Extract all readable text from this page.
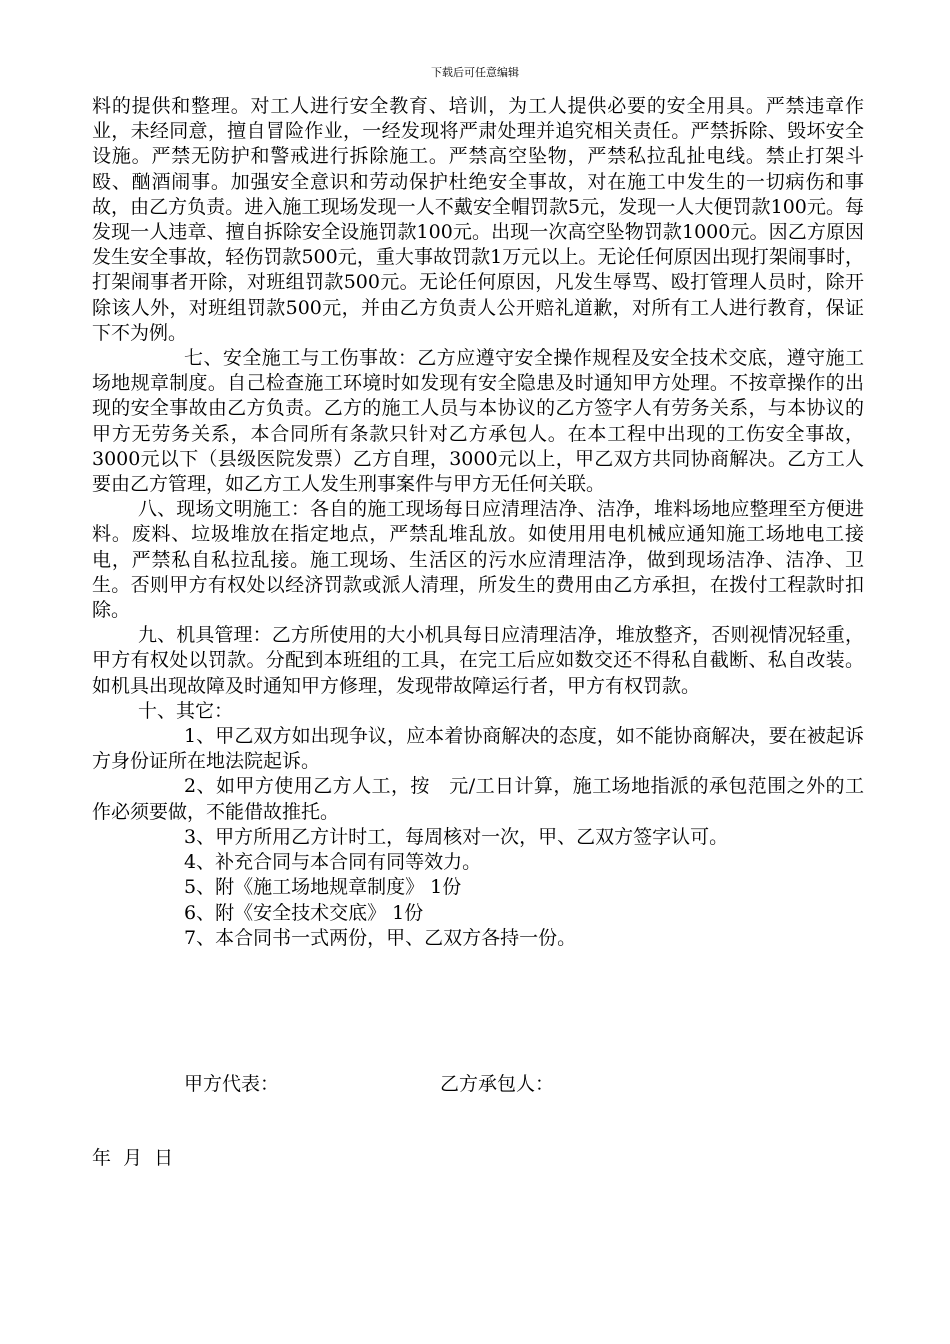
下载后可任意编辑

料的提供和整理。对工人进行安全教育、培训，为工人提供必要的安全用具。严禁违章作业，未经同意，擅自冒险作业，一经发现将严肃处理并追究相关责任。严禁拆除、毁坏安全设施。严禁无防护和警戒进行拆除施工。严禁高空坠物，严禁私拉乱扯电线。禁止打架斗殴、酗酒闹事。加强安全意识和劳动保护杜绝安全事故，对在施工中发生的一切病伤和事故，由乙方负责。进入施工现场发现一人不戴安全帽罚款5元，发现一人大便罚款100元。每发现一人违章、擅自拆除安全设施罚款100元。出现一次高空坠物罚款1000元。因乙方原因发生安全事故，轻伤罚款500元，重大事故罚款1万元以上。无论任何原因出现打架闹事时，打架闹事者开除，对班组罚款500元。无论任何原因，凡发生辱骂、殴打管理人员时，除开除该人外，对班组罚款500元，并由乙方负责人公开赔礼道歉，对所有工人进行教育，保证下不为例。

七、安全施工与工伤事故：乙方应遵守安全操作规程及安全技术交底，遵守施工场地规章制度。自己检查施工环境时如发现有安全隐患及时通知甲方处理。不按章操作的出现的安全事故由乙方负责。乙方的施工人员与本协议的乙方签字人有劳务关系，与本协议的甲方无劳务关系，本合同所有条款只针对乙方承包人。在本工程中出现的工伤安全事故，3000元以下（县级医院发票）乙方自理，3000元以上，甲乙双方共同协商解决。乙方工人要由乙方管理，如乙方工人发生刑事案件与甲方无任何关联。

八、现场文明施工：各自的施工现场每日应清理洁净、洁净，堆料场地应整理至方便进料。废料、垃圾堆放在指定地点，严禁乱堆乱放。如使用用电机械应通知施工场地电工接电，严禁私自私拉乱接。施工现场、生活区的污水应清理洁净，做到现场洁净、洁净、卫生。否则甲方有权处以经济罚款或派人清理，所发生的费用由乙方承担，在拨付工程款时扣除。

九、机具管理：乙方所使用的大小机具每日应清理洁净，堆放整齐，否则视情况轻重，甲方有权处以罚款。分配到本班组的工具，在完工后应如数交还不得私自截断、私自改装。如机具出现故障及时通知甲方修理，发现带故障运行者，甲方有权罚款。

十、其它：

1、甲乙双方如出现争议，应本着协商解决的态度，如不能协商解决，要在被起诉方身份证所在地法院起诉。

2、如甲方使用乙方人工，按　元/工日计算，施工场地指派的承包范围之外的工作必须要做，不能借故推托。

3、甲方所用乙方计时工，每周核对一次，甲、乙双方签字认可。

4、补充合同与本合同有同等效力。

5、附《施工场地规章制度》 1份

6、附《安全技术交底》 1份

7、本合同书一式两份，甲、乙双方各持一份。

甲方代表：	乙方承包人：
年  月  日
